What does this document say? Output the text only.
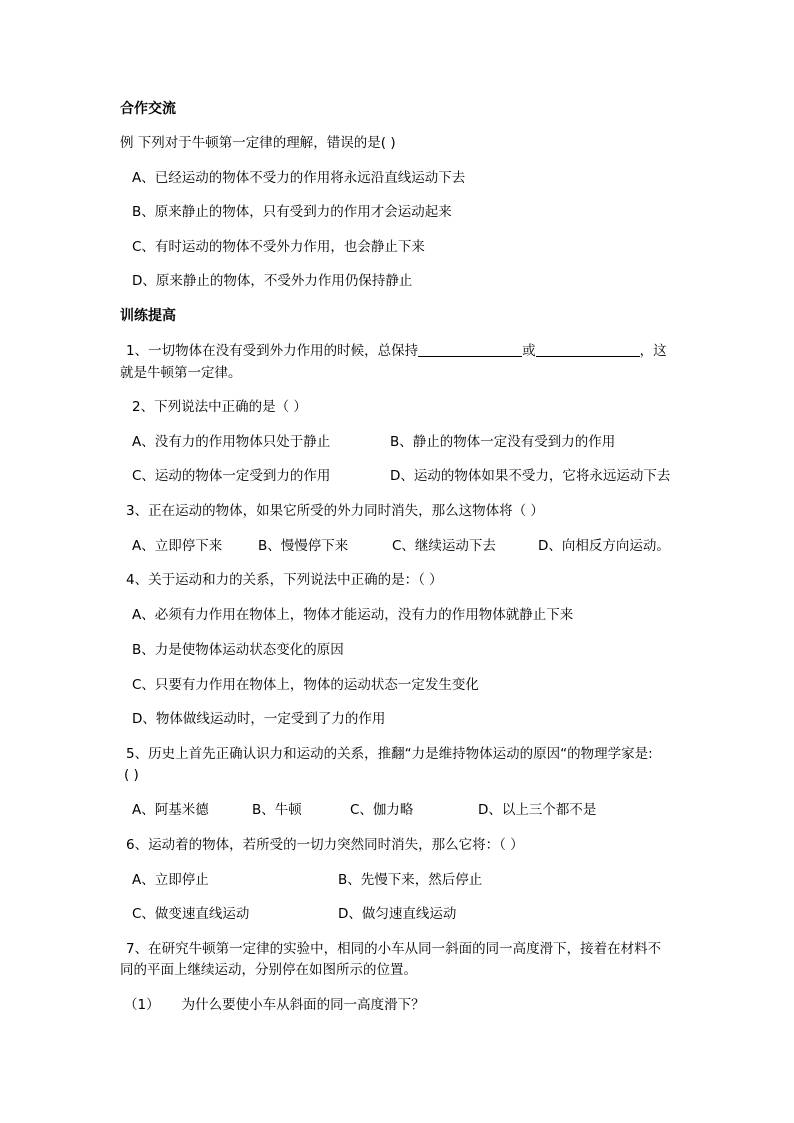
合作交流
例 下列对于牛顿第一定律的理解，错误的是( )
A、已经运动的物体不受力的作用将永远沿直线运动下去
B、原来静止的物体，只有受到力的作用才会运动起来
C、有时运动的物体不受外力作用，也会静止下来
D、原来静止的物体，不受外力作用仍保持静止
训练提高
1、一切物体在没有受到外力作用的时候，总保持	或	，这
就是牛顿第一定律。
2、下列说法中正确的是（ ）
A、没有力的作用物体只处于静止	B、静止的物体一定没有受到力的作用
C、运动的物体一定受到力的作用	D、运动的物体如果不受力，它将永远运动下去
3、正在运动的物体，如果它所受的外力同时消失，那么这物体将（ ）
A、立即停下来	B、慢慢停下来	C、继续运动下去	D、向相反方向运动。
4、关于运动和力的关系，下列说法中正确的是：（ ）
A、必须有力作用在物体上，物体才能运动，没有力的作用物体就静止下来
B、力是使物体运动状态变化的原因
C、只要有力作用在物体上，物体的运动状态一定发生变化
D、物体做线运动时，一定受到了力的作用
5、历史上首先正确认识力和运动的关系，推翻“力是维持物体运动的原因“的物理学家是:
( )
A、阿基米德	B、牛顿	C、伽力略	D、以上三个都不是
6、运动着的物体，若所受的一切力突然同时消失，那么它将：（ ）
A、立即停止	B、先慢下来，然后停止
C、做变速直线运动	D、做匀速直线运动
7、在研究牛顿第一定律的实验中，相同的小车从同一斜面的同一高度滑下，接着在材料不
同的平面上继续运动，分别停在如图所示的位置。
（1） 为什么要使小车从斜面的同一高度滑下？
